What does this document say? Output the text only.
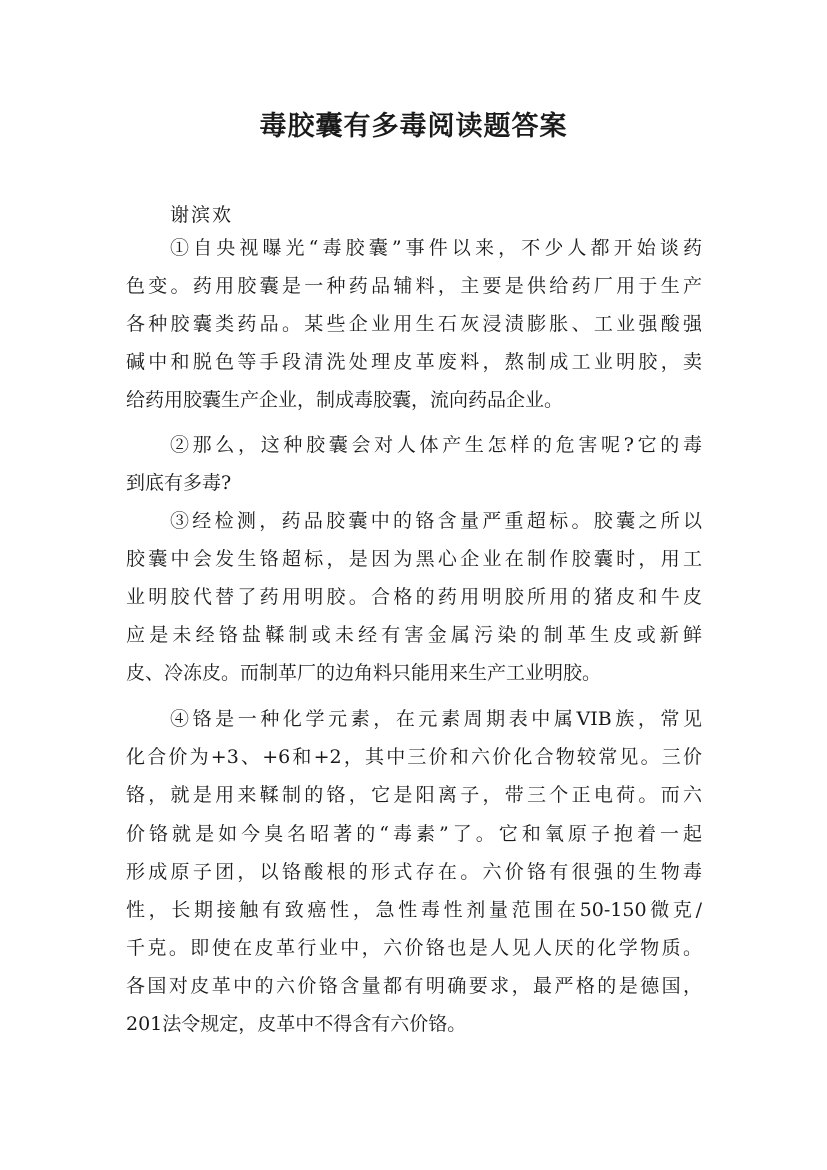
毒胶囊有多毒阅读题答案
谢滨欢
①自央视曝光“毒胶囊”事件以来，不少人都开始谈药
色变。药用胶囊是一种药品辅料，主要是供给药厂用于生产
各种胶囊类药品。某些企业用生石灰浸渍膨胀、工业强酸强
碱中和脱色等手段清洗处理皮革废料，熬制成工业明胶，卖
给药用胶囊生产企业，制成毒胶囊，流向药品企业。
②那么，这种胶囊会对人体产生怎样的危害呢?它的毒
到底有多毒?
③经检测，药品胶囊中的铬含量严重超标。胶囊之所以
胶囊中会发生铬超标，是因为黑心企业在制作胶囊时，用工
业明胶代替了药用明胶。合格的药用明胶所用的猪皮和牛皮
应是未经铬盐鞣制或未经有害金属污染的制革生皮或新鲜
皮、冷冻皮。而制革厂的边角料只能用来生产工业明胶。
④铬是一种化学元素，在元素周期表中属VIB族，常见
化合价为+3、+6和+2，其中三价和六价化合物较常见。三价
铬，就是用来鞣制的铬，它是阳离子，带三个正电荷。而六
价铬就是如今臭名昭著的“毒素”了。它和氧原子抱着一起
形成原子团，以铬酸根的形式存在。六价铬有很强的生物毒
性，长期接触有致癌性，急性毒性剂量范围在50-150微克/
千克。即使在皮革行业中，六价铬也是人见人厌的化学物质。
各国对皮革中的六价铬含量都有明确要求，最严格的是德国，
201法令规定，皮革中不得含有六价铬。
